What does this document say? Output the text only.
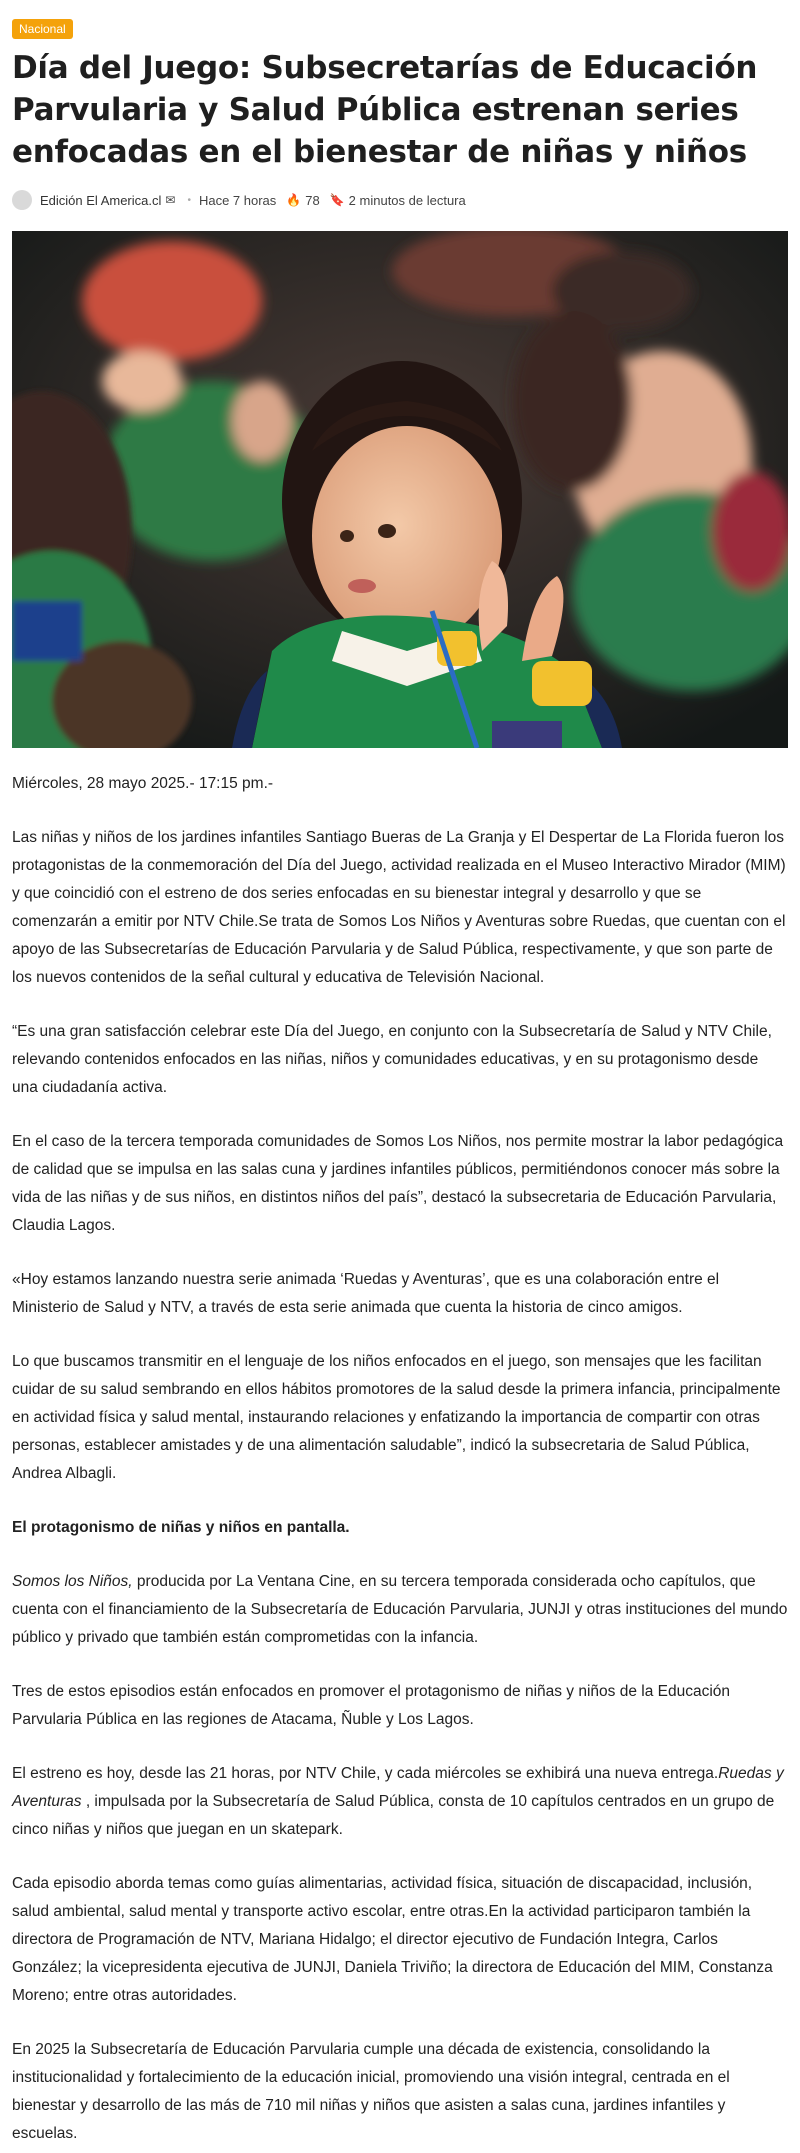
Nacional
Día del Juego: Subsecretarías de Educación Parvularia y Salud Pública estrenan series enfocadas en el bienestar de niñas y niños
Edición El America.cl ✉ • Hace 7 horas 🔥 78 🔖 2 minutos de lectura

Miércoles, 28 mayo 2025.- 17:15 pm.-

Las niñas y niños de los jardines infantiles Santiago Bueras de La Granja y El Despertar de La Florida fueron los protagonistas de la conmemoración del Día del Juego, actividad realizada en el Museo Interactivo Mirador (MIM) y que coincidió con el estreno de dos series enfocadas en su bienestar integral y desarrollo y que se comenzarán a emitir por NTV Chile.Se trata de Somos Los Niños y Aventuras sobre Ruedas, que cuentan con el apoyo de las Subsecretarías de Educación Parvularia y de Salud Pública, respectivamente, y que son parte de los nuevos contenidos de la señal cultural y educativa de Televisión Nacional.

“Es una gran satisfacción celebrar este Día del Juego, en conjunto con la Subsecretaría de Salud y NTV Chile, relevando contenidos enfocados en las niñas, niños y comunidades educativas, y en su protagonismo desde una ciudadanía activa.

En el caso de la tercera temporada comunidades de Somos Los Niños, nos permite mostrar la labor pedagógica de calidad que se impulsa en las salas cuna y jardines infantiles públicos, permitiéndonos conocer más sobre la vida de las niñas y de sus niños, en distintos niños del país”, destacó la subsecretaria de Educación Parvularia, Claudia Lagos.

«Hoy estamos lanzando nuestra serie animada ‘Ruedas y Aventuras’, que es una colaboración entre el Ministerio de Salud y NTV, a través de esta serie animada que cuenta la historia de cinco amigos.

Lo que buscamos transmitir en el lenguaje de los niños enfocados en el juego, son mensajes que les facilitan cuidar de su salud sembrando en ellos hábitos promotores de la salud desde la primera infancia, principalmente en actividad física y salud mental, instaurando relaciones y enfatizando la importancia de compartir con otras personas, establecer amistades y de una alimentación saludable”, indicó la subsecretaria de Salud Pública, Andrea Albagli.

El protagonismo de niñas y niños en pantalla.

Somos los Niños, producida por La Ventana Cine, en su tercera temporada considerada ocho capítulos, que cuenta con el financiamiento de la Subsecretaría de Educación Parvularia, JUNJI y otras instituciones del mundo público y privado que también están comprometidas con la infancia.

Tres de estos episodios están enfocados en promover el protagonismo de niñas y niños de la Educación Parvularia Pública en las regiones de Atacama, Ñuble y Los Lagos.

El estreno es hoy, desde las 21 horas, por NTV Chile, y cada miércoles se exhibirá una nueva entrega.Ruedas y Aventuras , impulsada por la Subsecretaría de Salud Pública, consta de 10 capítulos centrados en un grupo de cinco niñas y niños que juegan en un skatepark.

Cada episodio aborda temas como guías alimentarias, actividad física, situación de discapacidad, inclusión, salud ambiental, salud mental y transporte activo escolar, entre otras.En la actividad participaron también la directora de Programación de NTV, Mariana Hidalgo; el director ejecutivo de Fundación Integra, Carlos González; la vicepresidenta ejecutiva de JUNJI, Daniela Triviño; la directora de Educación del MIM, Constanza Moreno; entre otras autoridades.

En 2025 la Subsecretaría de Educación Parvularia cumple una década de existencia, consolidando la institucionalidad y fortalecimiento de la educación inicial, promoviendo una visión integral, centrada en el bienestar y desarrollo de las más de 710 mil niñas y niños que asisten a salas cuna, jardines infantiles y escuelas.
